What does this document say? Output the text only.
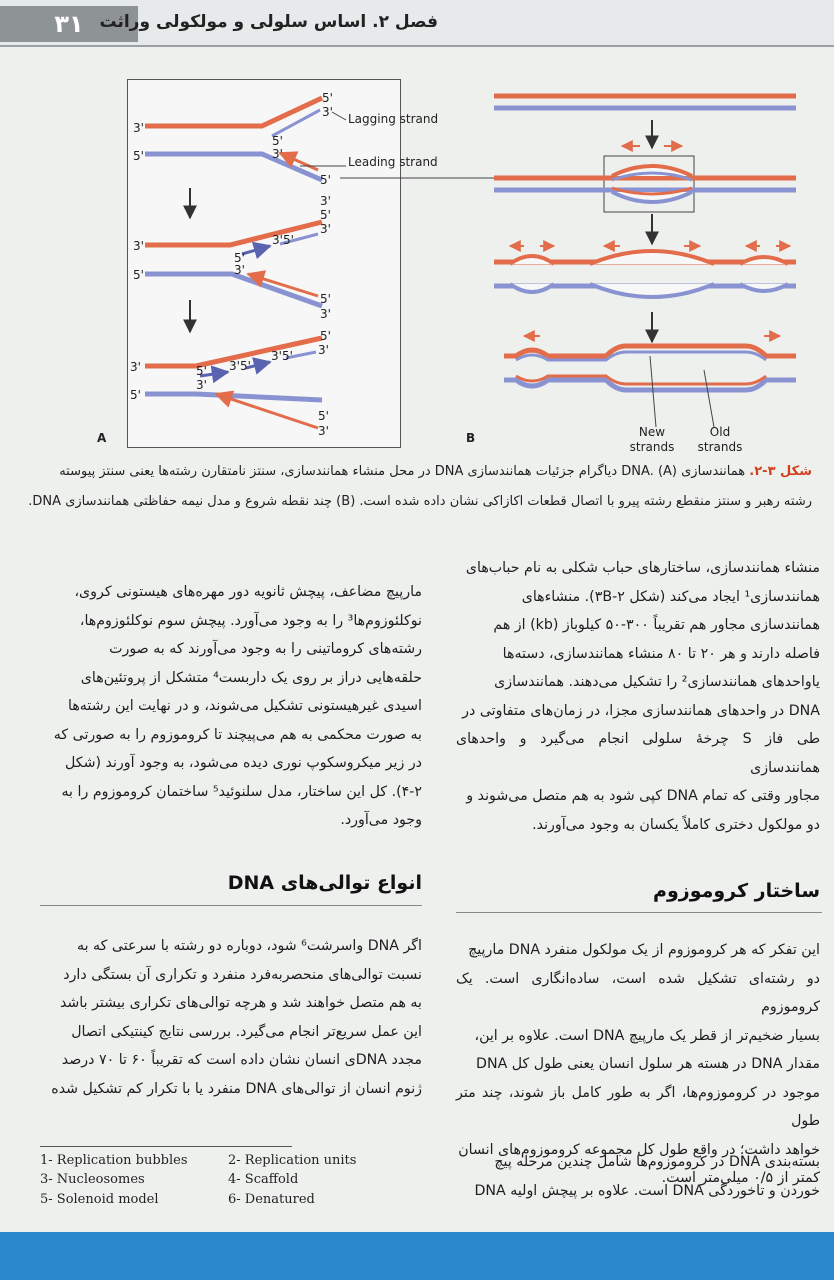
۳۱ فصل ۲. اساس سلولی و مولکولی وراثت
3'
5'
5'
3'
5'
3'
5'
3'
Lagging strand
Leading strand
3'
5'
5'
3'
3' 5'
5'
3'
5'
3'
3'
5'
5'
3'
5'
3'
3' 5'
3' 5'
5'
3'
A	B	New strands
Old strands
شکل ۳-۲. همانندسازی DNA. (A) دیاگرام جزئیات همانندسازی DNA در محل منشاء همانندسازی، سنتز نامتقارن رشته‌ها یعنی سنتز پیوسته
رشته رهبر و سنتز منقطع رشته پیرو با اتصال قطعات اکازاکی نشان داده شده است. (B) چند نقطه شروع و مدل نیمه حفاظتی همانندسازی DNA.
منشاء همانندسازی، ساختارهای حباب شکلی به نام حباب‌های
همانندسازی¹ ایجاد می‌کند (شکل ۳B-۲). منشاءهای
همانندسازی مجاور هم تقریباً ۳۰۰-۵۰ کیلوباز (kb) از هم
فاصله دارند و هر ۲۰ تا ۸۰ منشاء همانندسازی، دسته‌ها
یاواحدهای همانندسازی² را تشکیل می‌دهند. همانندسازی
DNA در واحدهای همانندسازی مجزا، در زمان‌های متفاوتی در
طی فاز S چرخهٔ سلولی انجام می‌گیرد و واحدهای همانندسازی
مجاور وقتی که تمام DNA کپی شود به هم متصل می‌شوند و
دو مولکول دختری کاملاً یکسان به وجود می‌آورند.
ساختار کروموزوم
این تفکر که هر کروموزوم از یک مولکول منفرد DNA مارپیچ
دو رشته‌ای تشکیل شده است، ساده‌انگاری است. یک کروموزوم
بسیار ضخیم‌تر از قطر یک مارپیچ DNA است. علاوه بر این،
مقدار DNA در هسته هر سلول انسان یعنی طول کل DNA
موجود در کروموزوم‌ها، اگر به طور کامل باز شوند، چند متر طول
خواهد داشت؛ در واقع طول کل مجموعه کروموزوم‌های انسان
کمتر از ۰/۵ میلی‌متر است.
بسته‌بندی DNA در کروموزوم‌ها شامل چندین مرحله پیچ
خوردن و تاخوردگی DNA است. علاوه بر پیچش اولیه DNA
مارپیچ مضاعف، پیچش ثانویه دور مهره‌های هیستونی کروی،
نوکلئوزوم‌ها³ را به وجود می‌آورد. پیچش سوم نوکلئوزوم‌ها،
رشته‌های کروماتینی را به وجود می‌آورند که به صورت
حلقه‌هایی دراز بر روی یک داربست⁴ متشکل از پروتئین‌های
اسیدی غیرهیستونی تشکیل می‌شوند، و در نهایت این رشته‌ها
به صورت محکمی به هم می‌پیچند تا کروموزوم را به صورتی که
در زیر میکروسکوپ نوری دیده می‌شود، به وجود آورند (شکل
۴-۲). کل این ساختار، مدل سلنوئید⁵ ساختمان کروموزوم را به
وجود می‌آورد.
انواع توالی‌های DNA
اگر DNA واسرشت⁶ شود، دوباره دو رشته با سرعتی که به
نسبت توالی‌های منحصربه‌فرد منفرد و تکراری آن بستگی دارد
به هم متصل خواهند شد و هرچه توالی‌های تکراری بیشتر باشد
این عمل سریع‌تر انجام می‌گیرد. بررسی نتایج کینتیکی اتصال
مجدد DNAی انسان نشان داده است که تقریباً ۶۰ تا ۷۰ درصد
ژنوم انسان از توالی‌های DNA منفرد یا با تکرار کم تشکیل شده
1- Replication bubbles	2- Replication units
3- Nucleosomes	4- Scaffold
5- Solenoid model	6- Denatured
